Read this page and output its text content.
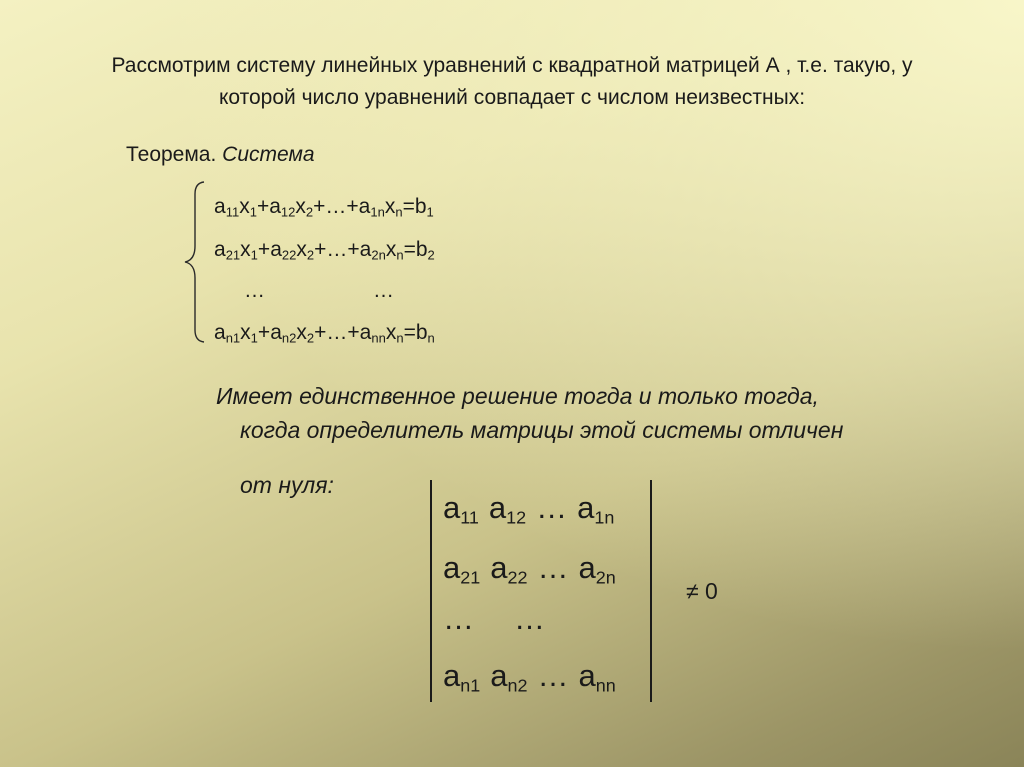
Рассмотрим систему линейных уравнений с квадратной матрицей А , т.е. такую, у
которой число уравнений совпадает с числом неизвестных:
Теорема. Система
$a_{11}x_1+a_{12}x_2+\dots+a_{1n}x_n=b_1$
$a_{21}x_1+a_{22}x_2+\dots+a_{2n}x_n=b_2$
…	…
$a_{n1}x_1+a_{n2}x_2+\dots+a_{nn}x_n=b_n$
Имеет единственное решение тогда и только тогда,
когда определитель матрицы этой системы отличен
от нуля:
$a_{11}$ $a_{12}$ … $a_{1n}$
$a_{21}$ $a_{22}$ … $a_{2n}$
… …
$a_{n1}$ $a_{n2}$ … $a_{nn}$
≠ 0
